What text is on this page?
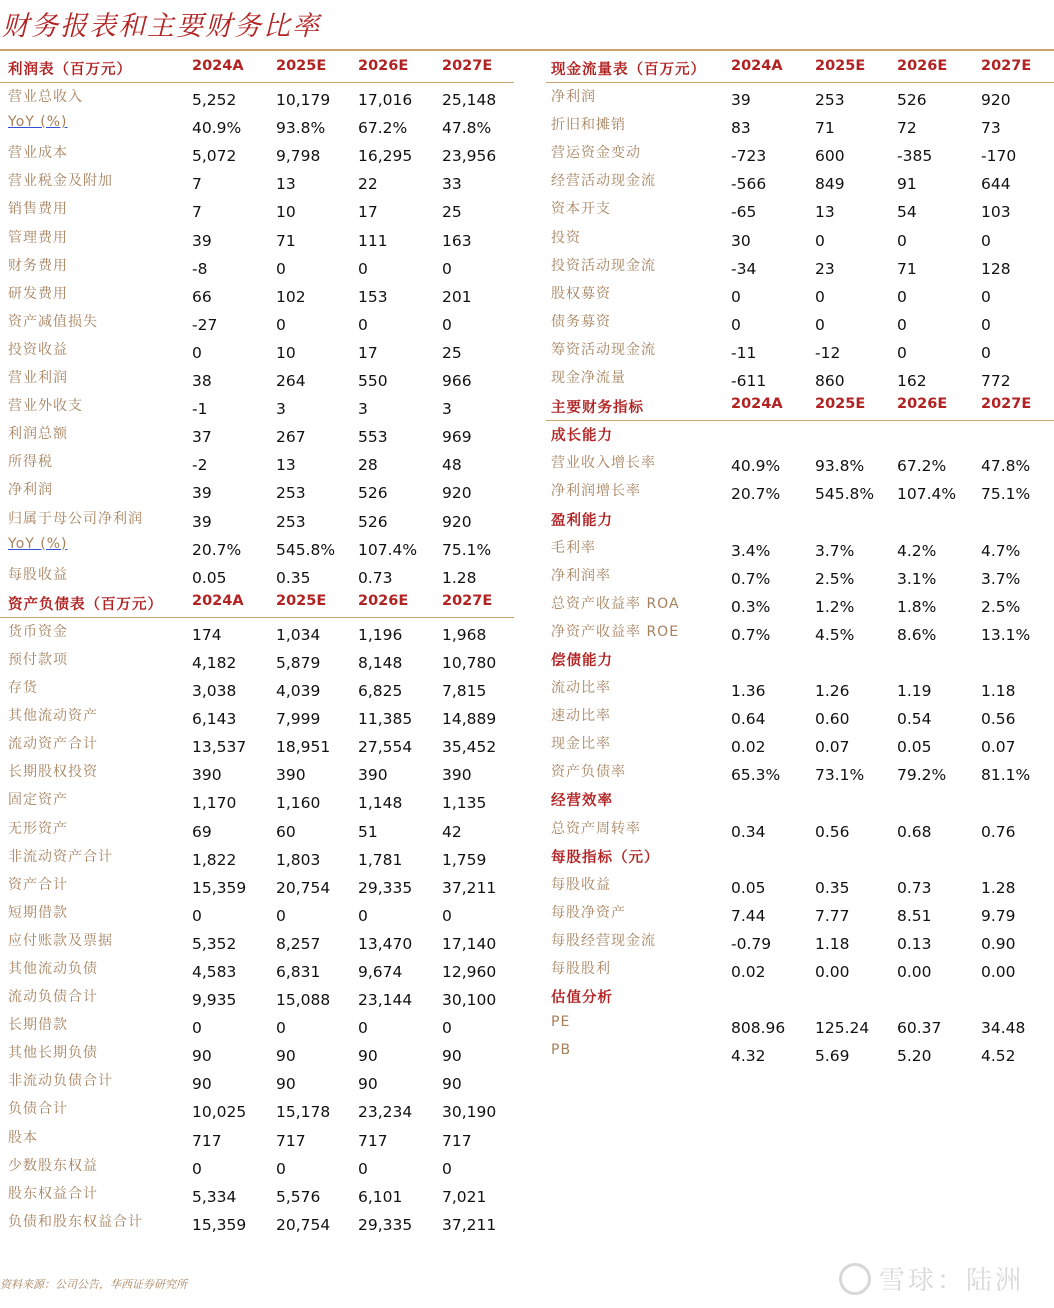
财务报表和主要财务比率
利润表（百万元）	2024A 2025E 2026E 2027E
营业总收入	5,252	10,179 17,016 25,148
YoY (%)	40.9% 93.8% 67.2% 47.8%
营业成本	5,072	9,798 16,295 23,956
营业税金及附加	7	13	22	33
销售费用	7	10	17	25
管理费用	39	71	111	163
财务费用	-8	0	0	0
研发费用	66	102	153	201
资产减值损失	-27	0	0	0
投资收益	0	10	17	25
营业利润	38	264	550	966
营业外收支	-1	3	3	3
利润总额	37	267	553	969
所得税	-2	13	28	48
净利润	39	253	526	920
归属于母公司净利润	39	253	526	920
YoY (%)	20.7% 545.8% 107.4% 75.1%
每股收益	0.05	0.35	0.73	1.28
资产负债表（百万元） 2024A 2025E 2026E 2027E
货币资金	174	1,034 1,196	1,968
预付款项	4,182	5,879 8,148	10,780
存货	3,038	4,039 6,825	7,815
其他流动资产	6,143	7,999 11,385 14,889
流动资产合计	13,537 18,951 27,554 35,452
长期股权投资	390	390	390	390
固定资产	1,170	1,160 1,148	1,135
无形资产	69	60	51	42
非流动资产合计	1,822	1,803 1,781	1,759
资产合计	15,359 20,754 29,335 37,211
短期借款	0	0	0	0
应付账款及票据	5,352	8,257 13,470 17,140
其他流动负债	4,583	6,831 9,674	12,960
流动负债合计	9,935	15,088 23,144 30,100
长期借款	0	0	0	0
其他长期负债	90	90	90	90
非流动负债合计	90	90	90	90
负债合计	10,025 15,178 23,234 30,190
股本	717	717	717	717
少数股东权益	0	0	0	0
股东权益合计	5,334	5,576 6,101	7,021
负债和股东权益合计	15,359 20,754 29,335 37,211
现金流量表（百万元） 2024A 2025E 2026E 2027E
净利润	39	253	526	920
折旧和摊销	83	71	72	73
营运资金变动	-723	600	-385	-170
经营活动现金流	-566	849	91	644
资本开支	-65	13	54	103
投资	30	0	0	0
投资活动现金流	-34	23	71	128
股权募资	0	0	0	0
债务募资	0	0	0	0
筹资活动现金流	-11	-12	0	0
现金净流量	-611	860	162	772
主要财务指标	2024A 2025E 2026E 2027E
成长能力
营业收入增长率	40.9% 93.8% 67.2% 47.8%
净利润增长率	20.7% 545.8% 107.4% 75.1%
盈利能力
毛利率	3.4%	3.7%	4.2%	4.7%
净利润率	0.7%	2.5%	3.1%	3.7%
总资产收益率 ROA	0.3%	1.2%	1.8%	2.5%
净资产收益率 ROE	0.7%	4.5%	8.6%	13.1%
偿债能力
流动比率	1.36	1.26	1.19	1.18
速动比率	0.64	0.60	0.54	0.56
现金比率	0.02	0.07	0.05	0.07
资产负债率	65.3% 73.1% 79.2% 81.1%
经营效率
总资产周转率	0.34	0.56	0.68	0.76
每股指标（元）
每股收益	0.05	0.35	0.73	1.28
每股净资产	7.44	7.77	8.51	9.79
每股经营现金流	-0.79	1.18	0.13	0.90
每股股利	0.02	0.00	0.00	0.00
估值分析
PE	808.96 125.24 60.37	34.48
PB	4.32	5.69	5.20	4.52
资料来源：公司公告，华西证券研究所	雪球：陆洲
